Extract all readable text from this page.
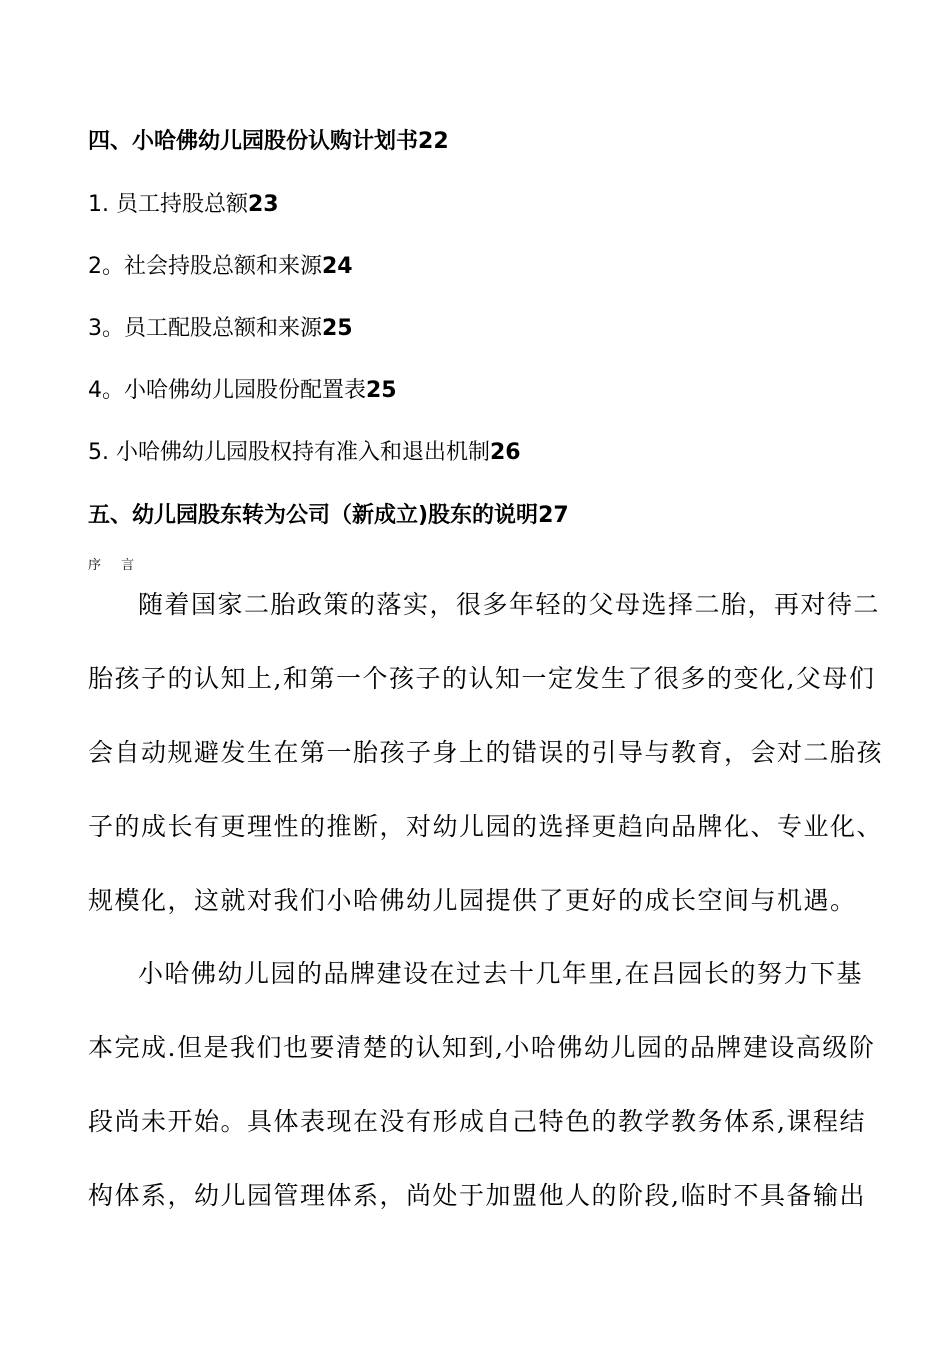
四、小哈佛幼儿园股份认购计划书22
1. 员工持股总额23
2。社会持股总额和来源24
3。员工配股总额和来源25
4。小哈佛幼儿园股份配置表25
5. 小哈佛幼儿园股权持有准入和退出机制26
五、幼儿园股东转为公司（新成立)股东的说明27
序 言
随着国家二胎政策的落实，很多年轻的父母选择二胎，再对待二
胎孩子的认知上,和第一个孩子的认知一定发生了很多的变化,父母们
会自动规避发生在第一胎孩子身上的错误的引导与教育，会对二胎孩
子的成长有更理性的推断，对幼儿园的选择更趋向品牌化、专业化、
规模化，这就对我们小哈佛幼儿园提供了更好的成长空间与机遇。
小哈佛幼儿园的品牌建设在过去十几年里,在吕园长的努力下基
本完成.但是我们也要清楚的认知到,小哈佛幼儿园的品牌建设高级阶
段尚未开始。具体表现在没有形成自己特色的教学教务体系,课程结
构体系，幼儿园管理体系，尚处于加盟他人的阶段,临时不具备输出
